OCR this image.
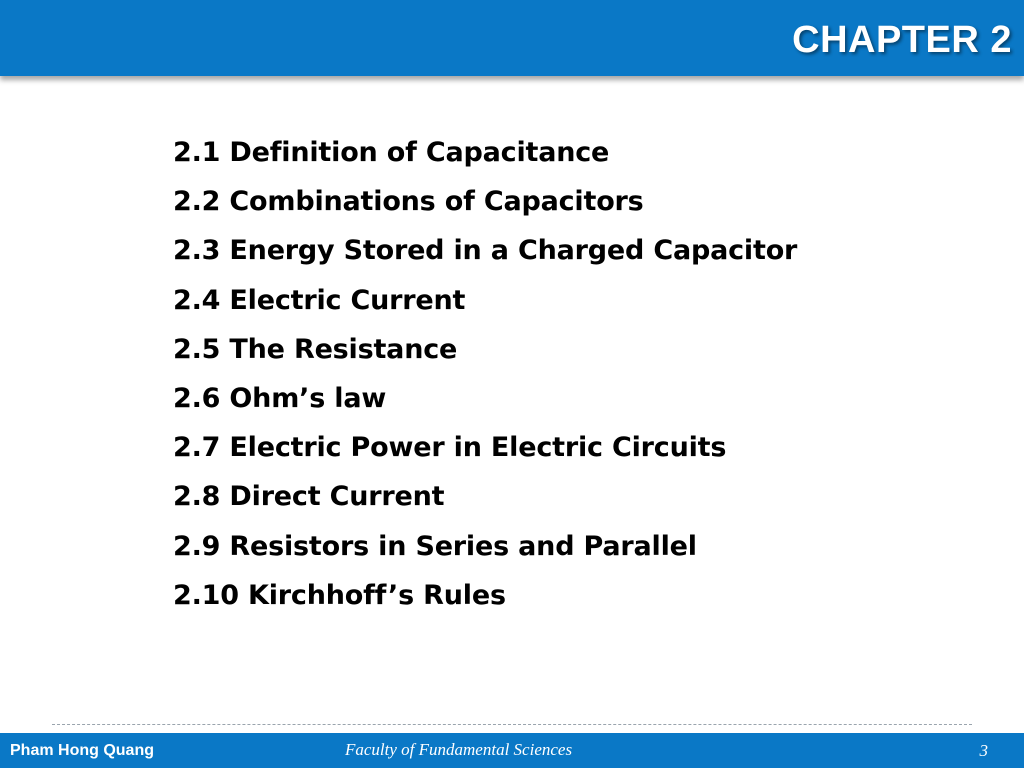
CHAPTER 2
2.1 Definition of Capacitance
2.2 Combinations of Capacitors
2.3 Energy Stored in a Charged Capacitor
2.4 Electric Current
2.5 The Resistance
2.6 Ohm’s law
2.7 Electric Power in Electric Circuits
2.8 Direct Current
2.9 Resistors in Series and Parallel
2.10 Kirchhoff’s Rules
Pham Hong Quang	Faculty of Fundamental Sciences	3
